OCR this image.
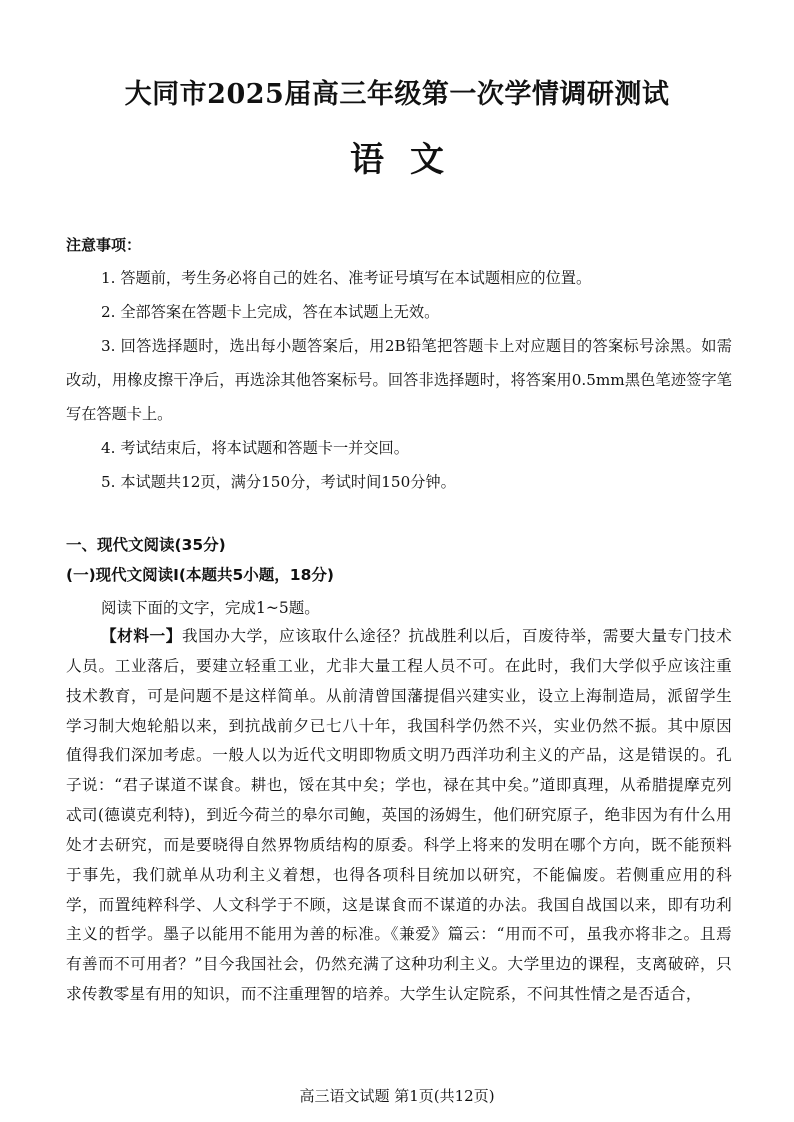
大同市2025届高三年级第一次学情调研测试
语文
注意事项：

1. 答题前，考生务必将自己的姓名、准考证号填写在本试题相应的位置。

2. 全部答案在答题卡上完成，答在本试题上无效。

3. 回答选择题时，选出每小题答案后，用2B铅笔把答题卡上对应题目的答案标号涂黑。如需改动，用橡皮擦干净后，再选涂其他答案标号。回答非选择题时，将答案用0.5mm黑色笔迹签字笔写在答题卡上。

4. 考试结束后，将本试题和答题卡一并交回。

5. 本试题共12页，满分150分，考试时间150分钟。

一、现代文阅读(35分)
(一)现代文阅读Ⅰ(本题共5小题，18分)
阅读下面的文字，完成1~5题。

【材料一】我国办大学，应该取什么途径？抗战胜利以后，百废待举，需要大量专门技术人员。工业落后，要建立轻重工业，尤非大量工程人员不可。在此时，我们大学似乎应该注重技术教育，可是问题不是这样简单。从前清曾国藩提倡兴建实业，设立上海制造局，派留学生学习制大炮轮船以来，到抗战前夕已七八十年，我国科学仍然不兴，实业仍然不振。其中原因值得我们深加考虑。一般人以为近代文明即物质文明乃西洋功利主义的产品，这是错误的。孔子说：“君子谋道不谋食。耕也，馁在其中矣；学也，禄在其中矣。”道即真理，从希腊提摩克列忒司(德谟克利特)，到近今荷兰的皋尔司鲍，英国的汤姆生，他们研究原子，绝非因为有什么用处才去研究，而是要晓得自然界物质结构的原委。科学上将来的发明在哪个方向，既不能预料于事先，我们就单从功利主义着想，也得各项科目统加以研究，不能偏废。若侧重应用的科学，而置纯粹科学、人文科学于不顾，这是谋食而不谋道的办法。我国自战国以来，即有功利主义的哲学。墨子以能用不能用为善的标准。《兼爱》篇云：“用而不可，虽我亦将非之。且焉有善而不可用者？”目今我国社会，仍然充满了这种功利主义。大学里边的课程，支离破碎，只求传教零星有用的知识，而不注重理智的培养。大学生认定院系，不问其性情之是否适合，

高三语文试题 第1页(共12页)
